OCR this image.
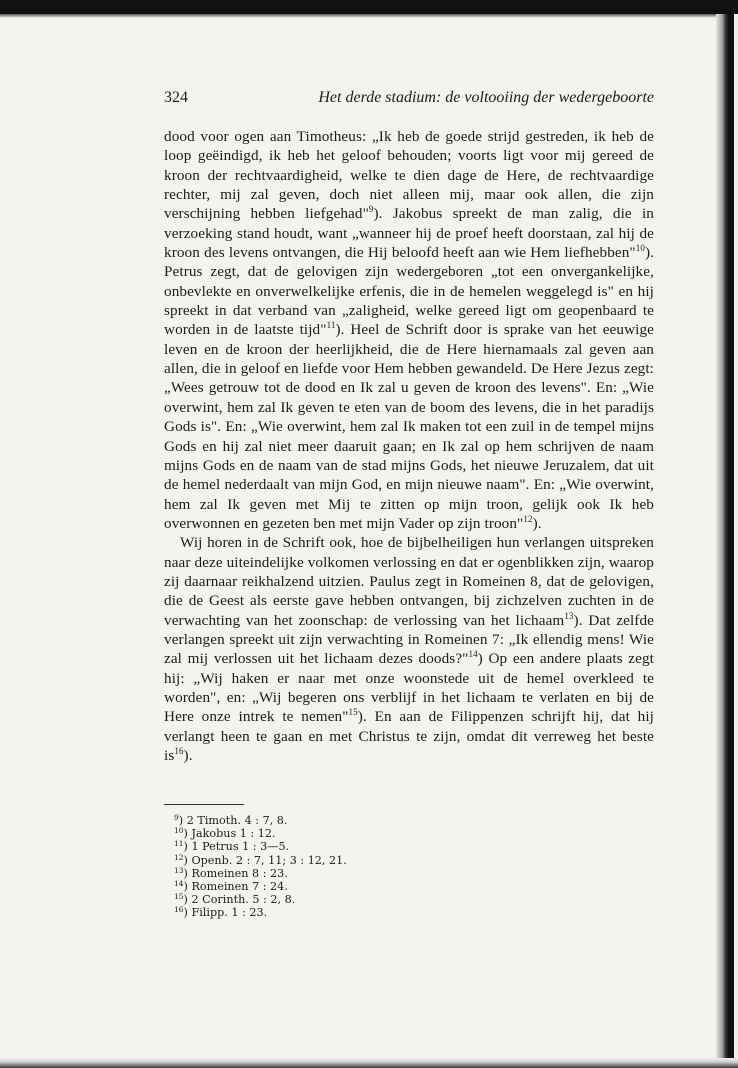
324	Het derde stadium: de voltooiing der wedergeboorte

dood voor ogen aan Timotheus: „Ik heb de goede strijd gestreden, ik heb de loop geëindigd, ik heb het geloof behouden; voorts ligt voor mij gereed de kroon der rechtvaardigheid, welke te dien dage de Here, de rechtvaardige rechter, mij zal geven, doch niet alleen mij, maar ook allen, die zijn verschijning hebben liefgehad"$^9$). Jakobus spreekt de man zalig, die in verzoeking stand houdt, want „wanneer hij de proef heeft doorstaan, zal hij de kroon des levens ontvangen, die Hij beloofd heeft aan wie Hem liefhebben"$^{10}$). Petrus zegt, dat de gelovigen zijn wedergeboren „tot een onvergankelijke, onbevlekte en onverwelkelijke erfenis, die in de hemelen weggelegd is" en hij spreekt in dat verband van „zaligheid, welke gereed ligt om geopenbaard te worden in de laatste tijd"$^{11}$). Heel de Schrift door is sprake van het eeuwige leven en de kroon der heerlijkheid, die de Here hiernamaals zal geven aan allen, die in geloof en liefde voor Hem hebben gewandeld. De Here Jezus zegt: „Wees getrouw tot de dood en Ik zal u geven de kroon des levens". En: „Wie overwint, hem zal Ik geven te eten van de boom des levens, die in het paradijs Gods is". En: „Wie overwint, hem zal Ik maken tot een zuil in de tempel mijns Gods en hij zal niet meer daaruit gaan; en Ik zal op hem schrijven de naam mijns Gods en de naam van de stad mijns Gods, het nieuwe Jeruzalem, dat uit de hemel nederdaalt van mijn God, en mijn nieuwe naam". En: „Wie overwint, hem zal Ik geven met Mij te zitten op mijn troon, gelijk ook Ik heb overwonnen en gezeten ben met mijn Vader op zijn troon"$^{12}$).

Wij horen in de Schrift ook, hoe de bijbelheiligen hun verlangen uitspreken naar deze uiteindelijke volkomen verlossing en dat er ogenblikken zijn, waarop zij daarnaar reikhalzend uitzien. Paulus zegt in Romeinen 8, dat de gelovigen, die de Geest als eerste gave hebben ontvangen, bij zichzelven zuchten in de verwachting van het zoonschap: de verlossing van het lichaam$^{13}$). Dat zelfde verlangen spreekt uit zijn verwachting in Romeinen 7: „Ik ellendig mens! Wie zal mij verlossen uit het lichaam dezes doods?"$^{14}$) Op een andere plaats zegt hij: „Wij haken er naar met onze woonstede uit de hemel overkleed te worden", en: „Wij begeren ons verblijf in het lichaam te verlaten en bij de Here onze intrek te nemen"$^{15}$). En aan de Filippenzen schrijft hij, dat hij verlangt heen te gaan en met Christus te zijn, omdat dit verreweg het beste $is^{16}$).

$^9$) 2 Timoth. 4 : 7, 8.
$^{10}$) Jakobus 1 : 12.
$^{11}$) 1 Petrus 1 : 3—5.
$^{12}$) Openb. 2 : 7, 11; 3 : 12, 21.
$^{13}$) Romeinen 8 : 23.
$^{14}$) Romeinen 7 : 24.
$^{15}$) 2 Corinth. 5 : 2, 8.
$^{16}$) Filipp. 1 : 23.
